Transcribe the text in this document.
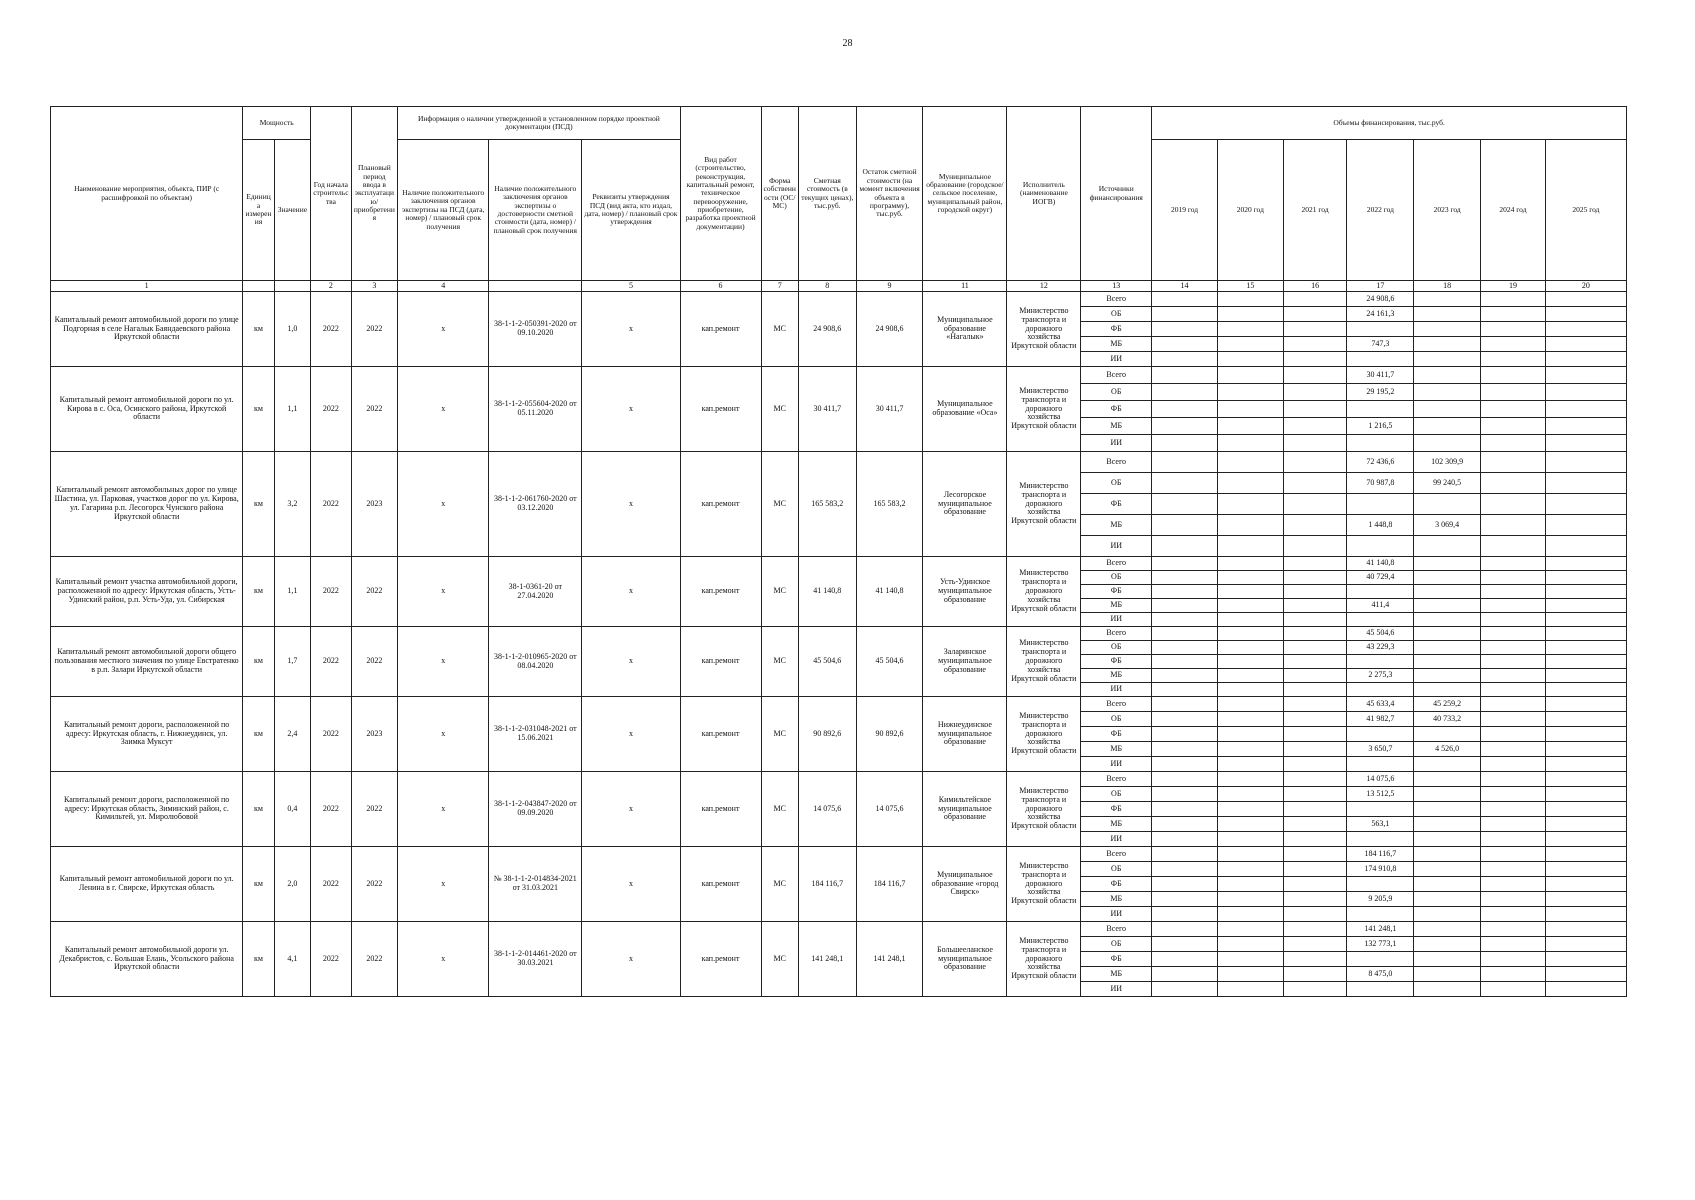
28
Наименование мероприятия, объекта, ПИР (с расшифровкой по объектам)	Мощность		Год начала строительства	Плановый период ввода в эксплуатацию/приобретения	Информация о наличии утвержденной в установленном порядке проектной документации (ПСД)			Вид работ (строительство, реконструкция, капитальный ремонт, техническое перевооружение, приобретение, разработка проектной документации)	Форма собственности (ОС/ МС)	Сметная стоимость (в текущих ценах), тыс.руб.	Остаток сметной стоимости (на момент включения объекта в программу), тыс.руб.	Муниципальное образование (городское/сельское поселение, муниципальный район, городской округ)	Исполнитель (наименование ИОГВ)	Источники финансирования	Объемы финансирования, тыс.руб.						
	Единица измерения	Значение			Наличие положительного заключения органов экспертизы на ПСД (дата, номер) / плановый срок получения	Наличие положительного заключения органов экспертизы о достоверности сметной стоимости (дата, номер) / плановый срок получения	Реквизиты утверждения ПСД (вид акта, кто издал, дата, номер) / плановый срок утверждения								2019 год	2020 год	2021 год	2022 год	2023 год	2024 год	2025 год
1			2	3	4		5	6	7	8	9	11	12	13	14	15	16	17	18	19	20
Капитальный ремонт автомобильной дороги по улице Подгорная в селе Нагалык Баяндаевского района Иркутской области	км	1,0	2022	2022	х	38-1-1-2-050391-2020 от 09.10.2020	х	кап.ремонт	МС	24 908,6	24 908,6	Муниципальное образование «Нагалык»	Министерство транспорта и дорожного хозяйства Иркутской области	Всего				24 908,6			
														ОБ				24 161,3			
														ФБ							
														МБ				747,3			
														ИИ							
Капитальный ремонт автомобильной дороги по ул. Кирова в с. Оса, Осинского района, Иркутской области	км	1,1	2022	2022	х	38-1-1-2-055604-2020 от 05.11.2020	х	кап.ремонт	МС	30 411,7	30 411,7	Муниципальное образование «Оса»	Министерство транспорта и дорожного хозяйства Иркутской области	Всего				30 411,7			
														ОБ				29 195,2			
														ФБ							
														МБ				1 216,5			
														ИИ							
Капитальный ремонт автомобильных дорог по улице Шастина, ул. Парковая, участков дорог по ул. Кирова, ул. Гагарина р.п. Лесогорск Чунского района Иркутской области	км	3,2	2022	2023	х	38-1-1-2-061760-2020 от 03.12.2020	х	кап.ремонт	МС	165 583,2	165 583,2	Лесогорское муниципальное образование	Министерство транспорта и дорожного хозяйства Иркутской области	Всего				72 436,6	102 309,9		
														ОБ				70 987,8	99 240,5		
														ФБ							
														МБ				1 448,8	3 069,4		
														ИИ							
Капитальный ремонт участка автомобильной дороги, расположенной по адресу: Иркутская область, Усть-Удинский район, р.п. Усть-Уда, ул. Сибирская	км	1,1	2022	2022	х	38-1-0361-20 от 27.04.2020	х	кап.ремонт	МС	41 140,8	41 140,8	Усть-Удинское муниципальное образование	Министерство транспорта и дорожного хозяйства Иркутской области	Всего				41 140,8			
														ОБ				40 729,4			
														ФБ							
														МБ				411,4			
														ИИ							
Капитальный ремонт автомобильной дороги общего пользования местного значения по улице Евстратенко в р.п. Залари Иркутской области	км	1,7	2022	2022	х	38-1-1-2-010965-2020 от 08.04.2020	х	кап.ремонт	МС	45 504,6	45 504,6	Заларинское муниципальное образование	Министерство транспорта и дорожного хозяйства Иркутской области	Всего				45 504,6			
														ОБ				43 229,3			
														ФБ							
														МБ				2 275,3			
														ИИ							
Капитальный ремонт дороги, расположенной по адресу: Иркутская область, г. Нижнеудинск, ул. Заимка Муксут	км	2,4	2022	2023	х	38-1-1-2-031048-2021 от 15.06.2021	х	кап.ремонт	МС	90 892,6	90 892,6	Нижнеудинское муниципальное образование	Министерство транспорта и дорожного хозяйства Иркутской области	Всего				45 633,4	45 259,2		
														ОБ				41 982,7	40 733,2		
														ФБ							
														МБ				3 650,7	4 526,0		
														ИИ							
Капитальный ремонт дороги, расположенной по адресу: Иркутская область, Зиминский район, с. Кимильтей, ул. Миролюбовой	км	0,4	2022	2022	х	38-1-1-2-043847-2020 от 09.09.2020	х	кап.ремонт	МС	14 075,6	14 075,6	Кимильтейское муниципальное образование	Министерство транспорта и дорожного хозяйства Иркутской области	Всего				14 075,6			
														ОБ				13 512,5			
														ФБ							
														МБ				563,1			
														ИИ							
Капитальный ремонт автомобильной дороги по ул. Ленина в г. Свирске, Иркутская область	км	2,0	2022	2022	х	№ 38-1-1-2-014834-2021 от 31.03.2021	х	кап.ремонт	МС	184 116,7	184 116,7	Муниципальное образование «город Свирск»	Министерство транспорта и дорожного хозяйства Иркутской области	Всего				184 116,7			
														ОБ				174 910,8			
														ФБ							
														МБ				9 205,9			
														ИИ							
Капитальный ремонт автомобильной дороги ул. Декабристов, с. Большая Елань, Усольского района Иркутской области	км	4,1	2022	2022	х	38-1-1-2-014461-2020 от 30.03.2021	х	кап.ремонт	МС	141 248,1	141 248,1	Большееланское муниципальное образование	Министерство транспорта и дорожного хозяйства Иркутской области	Всего				141 248,1			
														ОБ				132 773,1			
														ФБ							
														МБ				8 475,0			
														ИИ							
